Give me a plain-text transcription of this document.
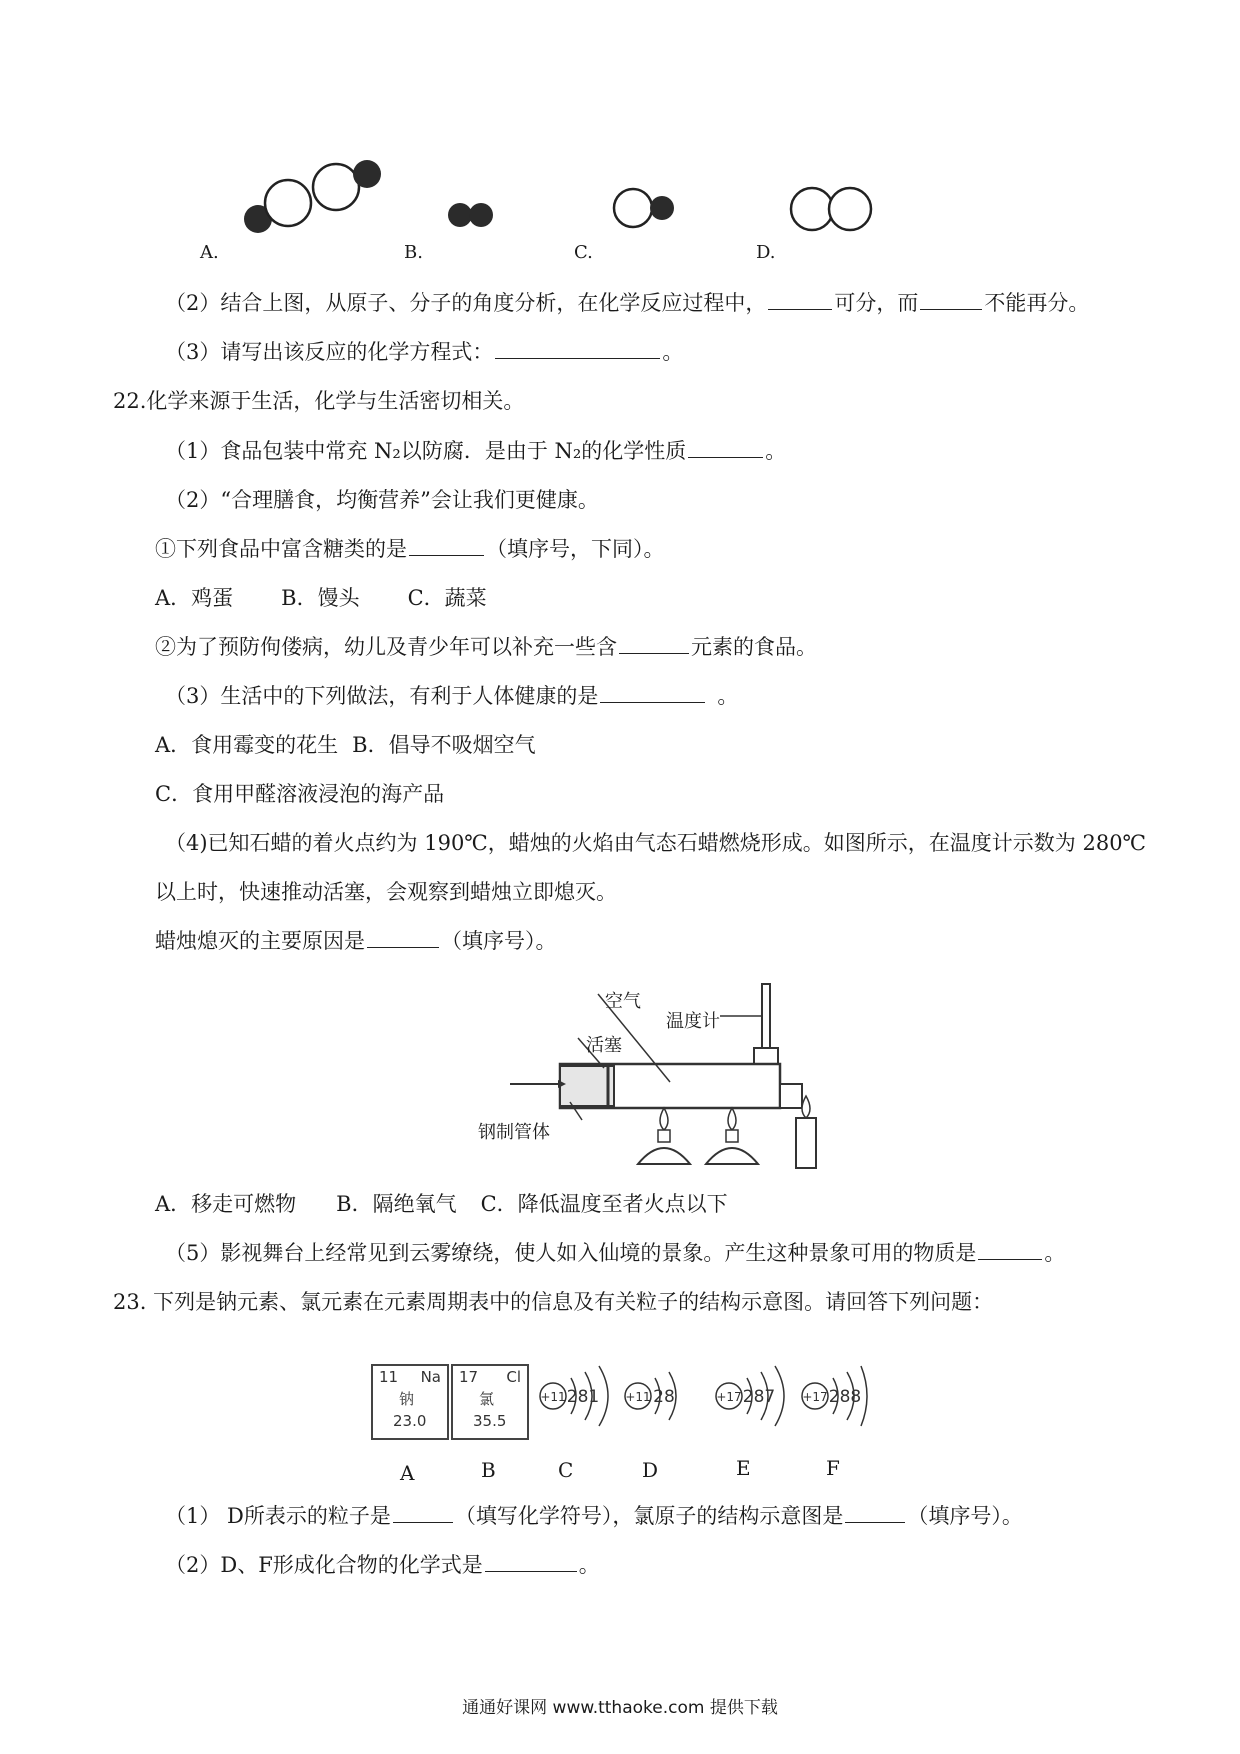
A.	B.	C.	D.
（2）结合上图，从原子、分子的角度分析，在化学反应过程中，	可分，而	不能再分。
（3）请写出该反应的化学方程式：	。
22.化学来源于生活，化学与生活密切相关。
（1）食品包装中常充 N₂以防腐．是由于 N₂的化学性质	。
（2）“合理膳食，均衡营养”会让我们更健康。
①下列食品中富含糖类的是	（填序号，下同）。
A．鸡蛋 B．馒头 C．蔬菜
②为了预防佝偻病，幼儿及青少年可以补充一些含	元素的食品。
（3）生活中的下列做法，有利于人体健康的是	。
A．食用霉变的花生 B．倡导不吸烟空气
C．食用甲醛溶液浸泡的海产品
（4)已知石蜡的着火点约为 190℃，蜡烛的火焰由气态石蜡燃烧形成。如图所示，在温度计示数为 280℃
以上时，快速推动活塞，会观察到蜡烛立即熄灭。
蜡烛熄灭的主要原因是	（填序号）。
空气
温度计
活塞
钢制管体
A．移走可燃物 B．隔绝氧气 C．降低温度至者火点以下
（5）影视舞台上经常见到云雾缭绕，使人如入仙境的景象。产生这种景象可用的物质是	。
23. 下列是钠元素、氯元素在元素周期表中的信息及有关粒子的结构示意图。请回答下列问题：
11 Na
钠
23.0
17 Cl
氯
35.5
+11 281 +11 28	+17 287 +17 288
A	B	C	D	E	F
（1） D所表示的粒子是	（填写化学符号），氯原子的结构示意图是	（填序号）。
（2）D、F形成化合物的化学式是	。
通通好课网 www.tthaoke.com 提供下载
